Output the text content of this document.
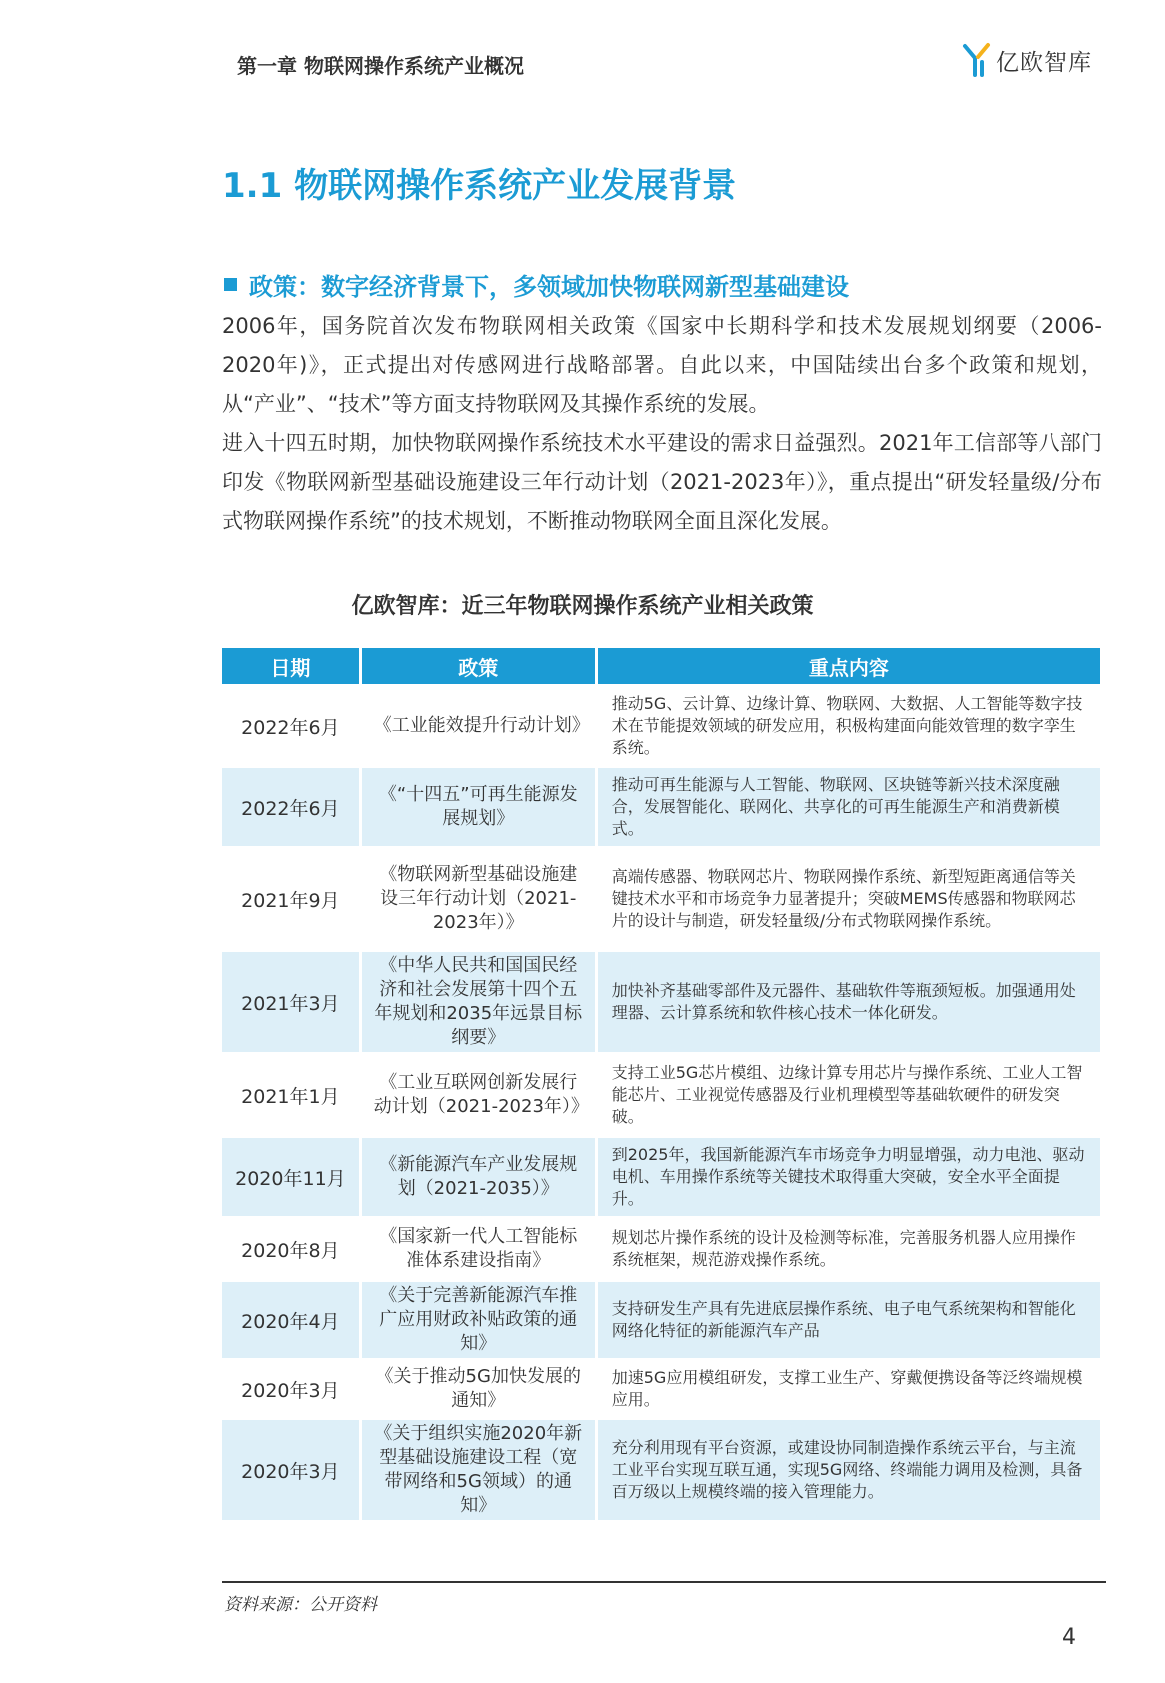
第一章 物联网操作系统产业概况	亿欧智库
1.1 物联网操作系统产业发展背景
政策：数字经济背景下，多领域加快物联网新型基础建设

2006年，国务院首次发布物联网相关政策《国家中长期科学和技术发展规划纲要（2006-2020年)》，正式提出对传感网进行战略部署。自此以来，中国陆续出台多个政策和规划，从“产业”、“技术”等方面支持物联网及其操作系统的发展。

进入十四五时期，加快物联网操作系统技术水平建设的需求日益强烈。2021年工信部等八部门印发《物联网新型基础设施建设三年行动计划（2021-2023年）》，重点提出“研发轻量级/分布式物联网操作系统”的技术规划，不断推动物联网全面且深化发展。

亿欧智库：近三年物联网操作系统产业相关政策
日期	政策	重点内容
2022年6月	《工业能效提升行动计划》	推动5G、云计算、边缘计算、物联网、大数据、人工智能等数字技术在节能提效领域的研发应用，积极构建面向能效管理的数字孪生系统。
2022年6月	《“十四五”可再生能源发展规划》	推动可再生能源与人工智能、物联网、区块链等新兴技术深度融合，发展智能化、联网化、共享化的可再生能源生产和消费新模式。
2021年9月	《物联网新型基础设施建设三年行动计划（2021-2023年）》	高端传感器、物联网芯片、物联网操作系统、新型短距离通信等关键技术水平和市场竞争力显著提升；突破MEMS传感器和物联网芯片的设计与制造，研发轻量级/分布式物联网操作系统。
2021年3月	《中华人民共和国国民经济和社会发展第十四个五年规划和2035年远景目标纲要》	加快补齐基础零部件及元器件、基础软件等瓶颈短板。加强通用处理器、云计算系统和软件核心技术一体化研发。
2021年1月	《工业互联网创新发展行动计划（2021-2023年）》	支持工业5G芯片模组、边缘计算专用芯片与操作系统、工业人工智能芯片、工业视觉传感器及行业机理模型等基础软硬件的研发突破。
2020年11月	《新能源汽车产业发展规划（2021-2035）》	到2025年，我国新能源汽车市场竞争力明显增强，动力电池、驱动电机、车用操作系统等关键技术取得重大突破，安全水平全面提升。
2020年8月	《国家新一代人工智能标准体系建设指南》	规划芯片操作系统的设计及检测等标准，完善服务机器人应用操作系统框架，规范游戏操作系统。
2020年4月	《关于完善新能源汽车推广应用财政补贴政策的通知》	支持研发生产具有先进底层操作系统、电子电气系统架构和智能化网络化特征的新能源汽车产品
2020年3月	《关于推动5G加快发展的通知》	加速5G应用模组研发，支撑工业生产、穿戴便携设备等泛终端规模应用。
2020年3月	《关于组织实施2020年新型基础设施建设工程（宽带网络和5G领域）的通知》	充分利用现有平台资源，或建设协同制造操作系统云平台，与主流工业平台实现互联互通，实现5G网络、终端能力调用及检测，具备百万级以上规模终端的接入管理能力。
资料来源：公开资料
4
